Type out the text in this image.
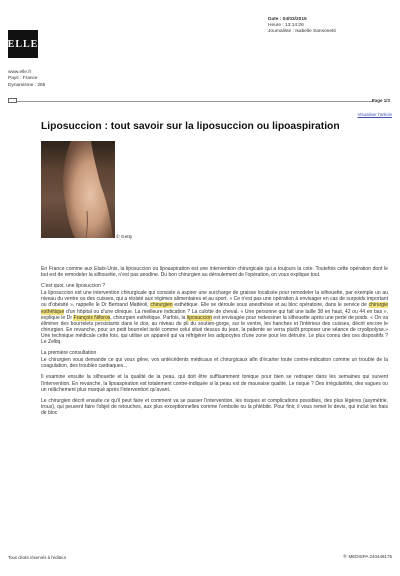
ELLE
www.elle.fr
Pays : France
Dynamisme : 265
Date : 04/03/2015
Heure : 13:14:26
Journaliste : Isabelle Sansonetti
Page 1/3
Visualiser l'article
Liposuccion : tout savoir sur la liposuccion ou lipoaspiration
© Getty

En France comme aux Etats-Unis, la liposuccion ou lipoaspiration est une intervention chirurgicale qui a toujours la cote. Toutefois cette opération dont le but est de remodeler la silhouette, n'est pas anodine. Du bon chirurgien au déroulement de l'opération, on vous explique tout.

C'est quoi, une liposuccion ?

La liposuccion est une intervention chirurgicale qui consiste à aspirer une surcharge de graisse localisée pour remodeler la silhouette, par exemple un au niveau du ventre ou des cuisses, qui a résisté aux régimes alimentaires et au sport. « Ce n'est pas une opération à envisager en cas de surpoids important ou d'obésité », rappelle le Dr Bertrand Mattéoli, chirurgien esthétique. Elle se déroule sous anesthésie et au bloc opératoire, dans le service de chirurgie esthétique d'un hôpital ou d'une clinique. La meilleure indication ? La culotte de cheval. « Une personne qui fait une taille 38 en haut, 42 ou 44 en bas », explique le Dr François Niforos, chirurgien esthétique. Parfois, la liposuccion est envisagée pour redessiner la silhouette après une perte de poids. « On va éliminer des bourrelets persistants dans le dos, au niveau du pli du soutien-gorge, sur le ventre, les hanches et l'intérieur des cuisses, décrit encore le chirurgien. En revanche, pour un petit bourrelet isolé comme celui situé dessus du jean, la patiente se verra plutôt proposer une séance de cryolipolyse.» Une technique médicale cette fois, qui utilise un appareil qui va réfrigérer les adipocytes d'une zone pour les détruire. Le plus connu des ces dispositifs ? Le Zeltiq.

La première consultation

Le chirurgien vous demande ce qui vous gêne, vos antécédents médicaux et chirurgicaux afin d'écarter toute contre-indication comme un trouble de la coagulation, des troubles cardiaques...

Il examine ensuite la silhouette et la qualité de la peau, qui doit être suffisamment tonique pour bien se redraper dans les semaines qui suivent l'intervention. En revanche, la lipoaspiration est totalement contre-indiquée si la peau est de mauvaise qualité. Le risque ? Des irrégularités, des vagues ou un relâchement plus marqué après l'intervention qu'avant.

Le chirurgien décrit ensuite ce qu'il peut faire et comment va se passer l'intervention, les risques et complications possibles, des plus légères (asymétrie, trous), qui peuvent faire l'objet de retouches, aux plus exceptionnelles comme l'embolie ou la phlébite. Pour finir, il vous remet le devis, qui inclut les frais de bloc

Tous droits réservés à l'éditeur	® MEDISPA 240448175
